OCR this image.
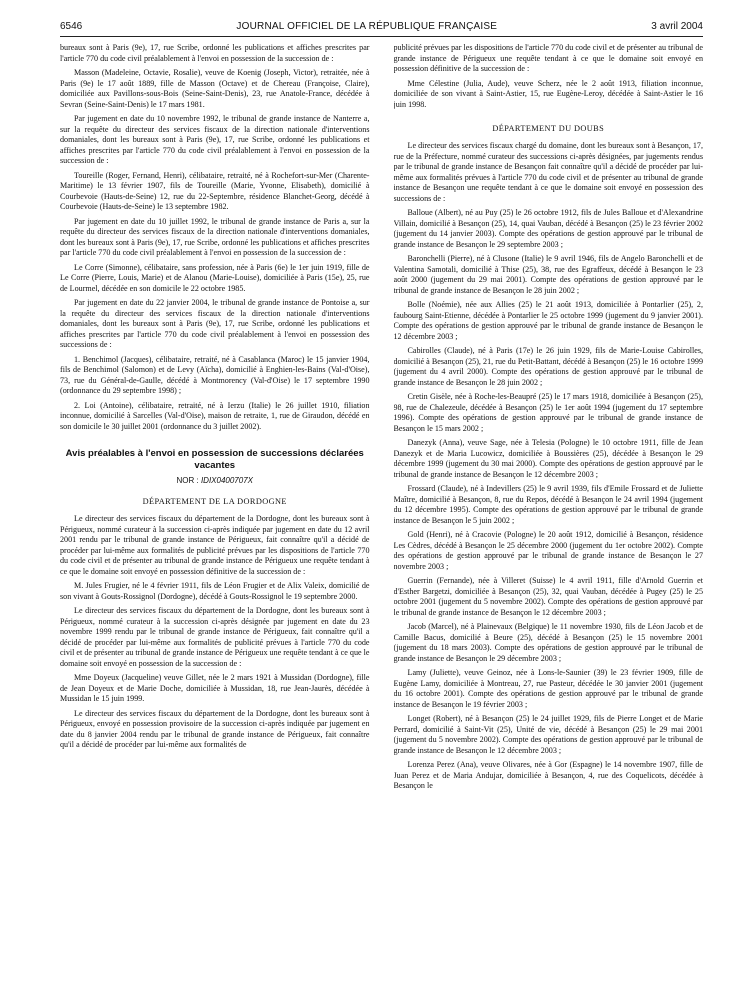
6546	JOURNAL OFFICIEL DE LA RÉPUBLIQUE FRANÇAISE	3 avril 2004

bureaux sont à Paris (9e), 17, rue Scribe, ordonné les publications et affiches prescrites par l'article 770 du code civil préalablement à l'envoi en possession de la succession de :

Masson (Madeleine, Octavie, Rosalie), veuve de Koenig (Joseph, Victor), retraitée, née à Paris (9e) le 17 août 1889, fille de Masson (Octave) et de Chereau (Françoise, Claire), domiciliée aux Pavillons-sous-Bois (Seine-Saint-Denis), 23, rue Anatole-France, décédée à Sevran (Seine-Saint-Denis) le 17 mars 1981.

Par jugement en date du 10 novembre 1992, le tribunal de grande instance de Nanterre a, sur la requête du directeur des services fiscaux de la direction nationale d'interventions domaniales, dont les bureaux sont à Paris (9e), 17, rue Scribe, ordonné les publications et affiches prescrites par l'article 770 du code civil préalablement à l'envoi en possession de la succession de :

Toureille (Roger, Fernand, Henri), célibataire, retraité, né à Rochefort-sur-Mer (Charente-Maritime) le 13 février 1907, fils de Toureille (Marie, Yvonne, Elisabeth), domicilié à Courbevoie (Hauts-de-Seine) 12, rue du 22-Septembre, résidence Blanchet-Georg, décédé à Courbevoie (Hauts-de-Seine) le 13 septembre 1982.

Par jugement en date du 10 juillet 1992, le tribunal de grande instance de Paris a, sur la requête du directeur des services fiscaux de la direction nationale d'interventions domaniales, dont les bureaux sont à Paris (9e), 17, rue Scribe, ordonné les publications et affiches prescrites par l'article 770 du code civil préalablement à l'envoi en possession de la succession de :

Le Corre (Simonne), célibataire, sans profession, née à Paris (6e) le 1er juin 1919, fille de Le Corre (Pierre, Louis, Marie) et de Alanou (Marie-Louise), domiciliée à Paris (15e), 25, rue de Lourmel, décédée en son domicile le 22 octobre 1985.

Par jugement en date du 22 janvier 2004, le tribunal de grande instance de Pontoise a, sur la requête du directeur des services fiscaux de la direction nationale d'interventions domaniales, dont les bureaux sont à Paris (9e), 17, rue Scribe, ordonné les publications et affiches prescrites par l'article 770 du code civil préalablement à l'envoi en possession des successions de :

1. Benchimol (Jacques), célibataire, retraité, né à Casablanca (Maroc) le 15 janvier 1904, fils de Benchimol (Salomon) et de Levy (Aïcha), domicilié à Enghien-les-Bains (Val-d'Oise), 73, rue du Général-de-Gaulle, décédé à Montmorency (Val-d'Oise) le 17 septembre 1990 (ordonnance du 29 septembre 1998) ;

2. Loi (Antoine), célibataire, retraité, né à Ierzu (Italie) le 26 juillet 1910, filiation inconnue, domicilié à Sarcelles (Val-d'Oise), maison de retraite, 1, rue de Giraudon, décédé en son domicile le 30 juillet 2001 (ordonnance du 3 juillet 2002).

Avis préalables à l'envoi en possession de successions déclarées vacantes
NOR : IDIX0400707X
DÉPARTEMENT DE LA DORDOGNE

Le directeur des services fiscaux du département de la Dordogne, dont les bureaux sont à Périgueux, nommé curateur à la succession ci-après indiquée par jugement en date du 12 avril 2001 rendu par le tribunal de grande instance de Périgueux, fait connaître qu'il a décidé de procéder par lui-même aux formalités de publicité prévues par les dispositions de l'article 770 du code civil et de présenter au tribunal de grande instance de Périgueux une requête tendant à ce que le domaine soit envoyé en possession définitive de la succession de :

M. Jules Frugier, né le 4 février 1911, fils de Léon Frugier et de Alix Valeix, domicilié de son vivant à Gouts-Rossignol (Dordogne), décédé à Gouts-Rossignol le 19 septembre 2000.

Le directeur des services fiscaux du département de la Dordogne, dont les bureaux sont à Périgueux, nommé curateur à la succession ci-après désignée par jugement en date du 23 novembre 1999 rendu par le tribunal de grande instance de Périgueux, fait connaître qu'il a décidé de procéder par lui-même aux formalités de publicité prévues à l'article 770 du code civil et de présenter au tribunal de grande instance de Périgueux une requête tendant à ce que le domaine soit envoyé en possession de la succession de :

Mme Doyeux (Jacqueline) veuve Gillet, née le 2 mars 1921 à Mussidan (Dordogne), fille de Jean Doyeux et de Marie Doche, domiciliée à Mussidan, 18, rue Jean-Jaurès, décédée à Mussidan le 15 juin 1999.

Le directeur des services fiscaux du département de la Dordogne, dont les bureaux sont à Périgueux, envoyé en possession provisoire de la succession ci-après indiquée par jugement en date du 8 janvier 2004 rendu par le tribunal de grande instance de Périgueux, fait connaître qu'il a décidé de procéder par lui-même aux formalités de

publicité prévues par les dispositions de l'article 770 du code civil et de présenter au tribunal de grande instance de Périgueux une requête tendant à ce que le domaine soit envoyé en possession définitive de la succession de :

Mme Célestine (Julia, Aude), veuve Scherz, née le 2 août 1913, filiation inconnue, domiciliée de son vivant à Saint-Astier, 15, rue Eugène-Leroy, décédée à Saint-Astier le 16 juin 1998.

DÉPARTEMENT DU DOUBS

Le directeur des services fiscaux chargé du domaine, dont les bureaux sont à Besançon, 17, rue de la Préfecture, nommé curateur des successions ci-après désignées, par jugements rendus par le tribunal de grande instance de Besançon fait connaître qu'il a décidé de procéder par lui-même aux formalités prévues à l'article 770 du code civil et de présenter au tribunal de grande instance de Besançon une requête tendant à ce que le domaine soit envoyé en possession des successions de :

Balloue (Albert), né au Puy (25) le 26 octobre 1912, fils de Jules Balloue et d'Alexandrine Villain, domicilié à Besançon (25), 14, quai Vauban, décédé à Besançon (25) le 23 février 2002 (jugement du 14 janvier 2003). Compte des opérations de gestion approuvé par le tribunal de grande instance de Besançon le 29 septembre 2003 ;

Baronchelli (Pierre), né à Clusone (Italie) le 9 avril 1946, fils de Angelo Baronchelli et de Valentina Samotali, domicilié à Thise (25), 38, rue des Egraffeux, décédé à Besançon le 23 août 2000 (jugement du 29 mai 2001). Compte des opérations de gestion approuvé par le tribunal de grande instance de Besançon le 28 juin 2002 ;

Bolle (Noémie), née aux Allies (25) le 21 août 1913, domiciliée à Pontarlier (25), 2, faubourg Saint-Etienne, décédée à Pontarlier le 25 octobre 1999 (jugement du 9 janvier 2001). Compte des opérations de gestion approuvé par le tribunal de grande instance de Besançon le 12 décembre 2003 ;

Cabirolles (Claude), né à Paris (17e) le 26 juin 1929, fils de Marie-Louise Cabirolles, domicilié à Besançon (25), 21, rue du Petit-Battant, décédé à Besançon (25) le 16 octobre 1999 (jugement du 4 avril 2000). Compte des opérations de gestion approuvé par le tribunal de grande instance de Besançon le 28 juin 2002 ;

Cretin Gisèle, née à Roche-les-Beaupré (25) le 17 mars 1918, domiciliée à Besançon (25), 98, rue de Chalezeule, décédée à Besançon (25) le 1er août 1994 (jugement du 17 septembre 1996). Compte des opérations de gestion approuvé par le tribunal de grande instance de Besançon le 15 mars 2002 ;

Danezyk (Anna), veuve Sage, née à Telesia (Pologne) le 10 octobre 1911, fille de Jean Danezyk et de Maria Lucowicz, domiciliée à Boussières (25), décédée à Besançon le 29 décembre 1999 (jugement du 30 mai 2000). Compte des opérations de gestion approuvé par le tribunal de grande instance de Besançon le 12 décembre 2003 ;

Frossard (Claude), né à Indevillers (25) le 9 avril 1939, fils d'Emile Frossard et de Juliette Maître, domicilié à Besançon, 8, rue du Repos, décédé à Besançon le 24 avril 1994 (jugement du 12 décembre 1995). Compte des opérations de gestion approuvé par le tribunal de grande instance de Besançon le 5 juin 2002 ;

Gold (Henri), né à Cracovie (Pologne) le 20 août 1912, domicilié à Besançon, résidence Les Cèdres, décédé à Besançon le 25 décembre 2000 (jugement du 1er octobre 2002). Compte des opérations de gestion approuvé par le tribunal de grande instance de Besançon le 27 novembre 2003 ;

Guerrin (Fernande), née à Villeret (Suisse) le 4 avril 1911, fille d'Arnold Guerrin et d'Esther Bargetzi, domiciliée à Besançon (25), 32, quai Vauban, décédée à Pugey (25) le 25 octobre 2001 (jugement du 5 novembre 2002). Compte des opérations de gestion approuvé par le tribunal de grande instance de Besançon le 12 décembre 2003 ;

Jacob (Marcel), né à Plainevaux (Belgique) le 11 novembre 1930, fils de Léon Jacob et de Camille Bacus, domicilié à Beure (25), décédé à Besançon (25) le 15 novembre 2001 (jugement du 18 mars 2003). Compte des opérations de gestion approuvé par le tribunal de grande instance de Besançon le 29 décembre 2003 ;

Lamy (Juliette), veuve Geinoz, née à Lons-le-Saunier (39) le 23 février 1909, fille de Eugène Lamy, domiciliée à Montreau, 27, rue Pasteur, décédée le 30 janvier 2001 (jugement du 16 octobre 2001). Compte des opérations de gestion approuvé par le tribunal de grande instance de Besançon le 19 février 2003 ;

Longet (Robert), né à Besançon (25) le 24 juillet 1929, fils de Pierre Longet et de Marie Perrard, domicilié à Saint-Vit (25), Unité de vie, décédé à Besançon (25) le 29 mai 2001 (jugement du 5 novembre 2002). Compte des opérations de gestion approuvé par le tribunal de grande instance de Besançon le 12 décembre 2003 ;

Lorenza Perez (Ana), veuve Olivares, née à Gor (Espagne) le 14 novembre 1907, fille de Juan Perez et de Maria Andujar, domiciliée à Besançon, 4, rue des Coquelicots, décédée à Besançon le
